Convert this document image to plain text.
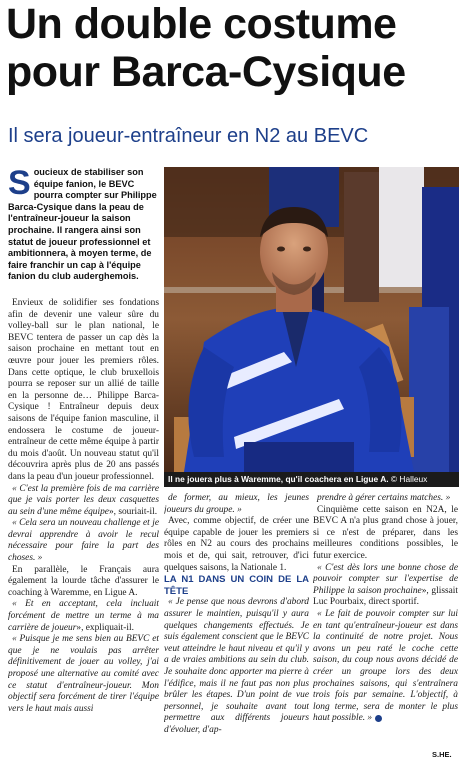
Un double costume
pour Barca-Cysique
Il sera joueur-entraîneur en N2 au BEVC
Soucieux de stabiliser son équipe fanion, le BEVC pourra compter sur Philippe Barca-Cysique dans la peau de l'entraîneur-joueur la saison prochaine. Il rangera ainsi son statut de joueur professionnel et ambitionnera, à moyen terme, de faire franchir un cap à l'équipe fanion du club auderghemois.
Il ne jouera plus à Waremme, qu'il coachera en Ligue A. © Halleux

Envieux de solidifier ses fondations afin de devenir une valeur sûre du volley-ball sur le plan national, le BEVC tentera de passer un cap dès la saison prochaine en mettant tout en œuvre pour jouer les premiers rôles. Dans cette optique, le club bruxellois pourra se reposer sur un allié de taille en la personne de… Philippe Barca-Cysique ! Entraîneur depuis deux saisons de l'équipe fanion masculine, il endossera le costume de joueur-entraîneur de cette même équipe à partir du mois d'août. Un nouveau statut qu'il découvrira après plus de 20 ans passés dans la peau d'un joueur professionnel.

« C'est la première fois de ma carrière que je vais porter les deux casquettes au sein d'une même équipe», souriait-il.

« Cela sera un nouveau challenge et je devrai apprendre à avoir le recul nécessaire pour faire la part des choses. »

En parallèle, le Français aura également la lourde tâche d'assurer le coaching à Waremme, en Ligue A.

« Et en acceptant, cela incluait forcément de mettre un terme à ma carrière de joueur», expliquait-il.

« Puisque je me sens bien au BEVC et que je ne voulais pas arrêter définitivement de jouer au volley, j'ai proposé une alternative au comité avec ce statut d'entraîneur-joueur. Mon objectif sera forcément de tirer l'équipe vers le haut mais aussi

de former, au mieux, les jeunes joueurs du groupe. »

Avec, comme objectif, de créer une équipe capable de jouer les premiers rôles en N2 au cours des prochains mois et de, qui sait, retrouver, d'ici quelques saisons, la Nationale 1.

LA N1 DANS UN COIN DE LA TÊTE

« Je pense que nous devrons d'abord assurer le maintien, puisqu'il y aura quelques changements effectués. Je suis également conscient que le BEVC veut atteindre le haut niveau et qu'il y a de vraies ambitions au sein du club. Je souhaite donc apporter ma pierre à l'édifice, mais il ne faut pas non plus brûler les étapes. D'un point de vue personnel, je souhaite avant tout permettre aux différents joueurs d'évoluer, d'ap-

prendre à gérer certains matches. »

Cinquième cette saison en N2A, le BEVC A n'a plus grand chose à jouer, si ce n'est de préparer, dans les meilleures conditions possibles, le futur exercice.

« C'est dès lors une bonne chose de pouvoir compter sur l'expertise de Philippe la saison prochaine», glissait Luc Pourbaix, direct sportif.

« Le fait de pouvoir compter sur lui en tant qu'entraîneur-joueur est dans la continuité de notre projet. Nous avons un peu raté le coche cette saison, du coup nous avons décidé de créer un groupe lors des deux prochaines saisons, qui s'entraînera trois fois par semaine. L'objectif, à long terme, sera de monter le plus haut possible. »

S.HE.
